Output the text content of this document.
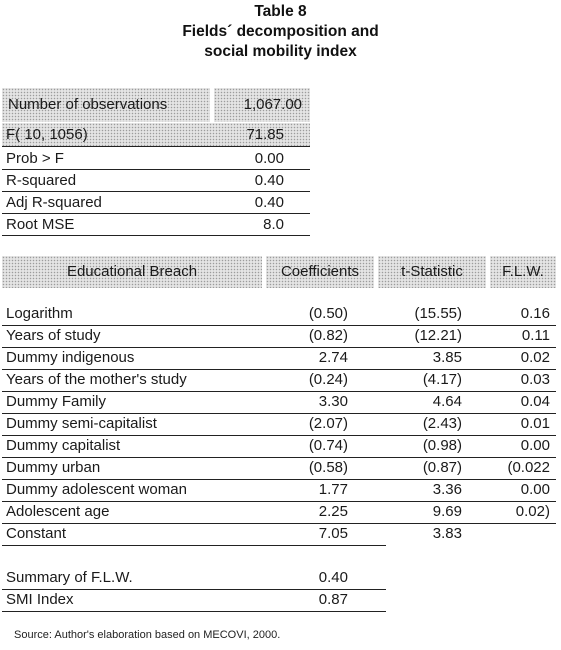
Table 8
Fields´ decomposition and
social mobility index
Number of observations	1,067.00
F( 10, 1056)	71.85
Prob > F	0.00
R-squared	0.40
Adj R-squared	0.40
Root MSE	8.0
Educational Breach	Coefficients	t-Statistic	F.L.W.
Logarithm	(0.50)	(15.55)	0.16
Years of study	(0.82)	(12.21)	0.11
Dummy indigenous	2.74	3.85	0.02
Years of the mother's study	(0.24)	(4.17)	0.03
Dummy Family	3.30	4.64	0.04
Dummy semi-capitalist	(2.07)	(2.43)	0.01
Dummy capitalist	(0.74)	(0.98)	0.00
Dummy urban	(0.58)	(0.87)	(0.022
Dummy adolescent woman	1.77	3.36	0.00
Adolescent age	2.25	9.69	0.02)
Constant	7.05	3.83
Summary of F.L.W.	0.40
SMI Index	0.87
Source: Author's elaboration based on MECOVI, 2000.
